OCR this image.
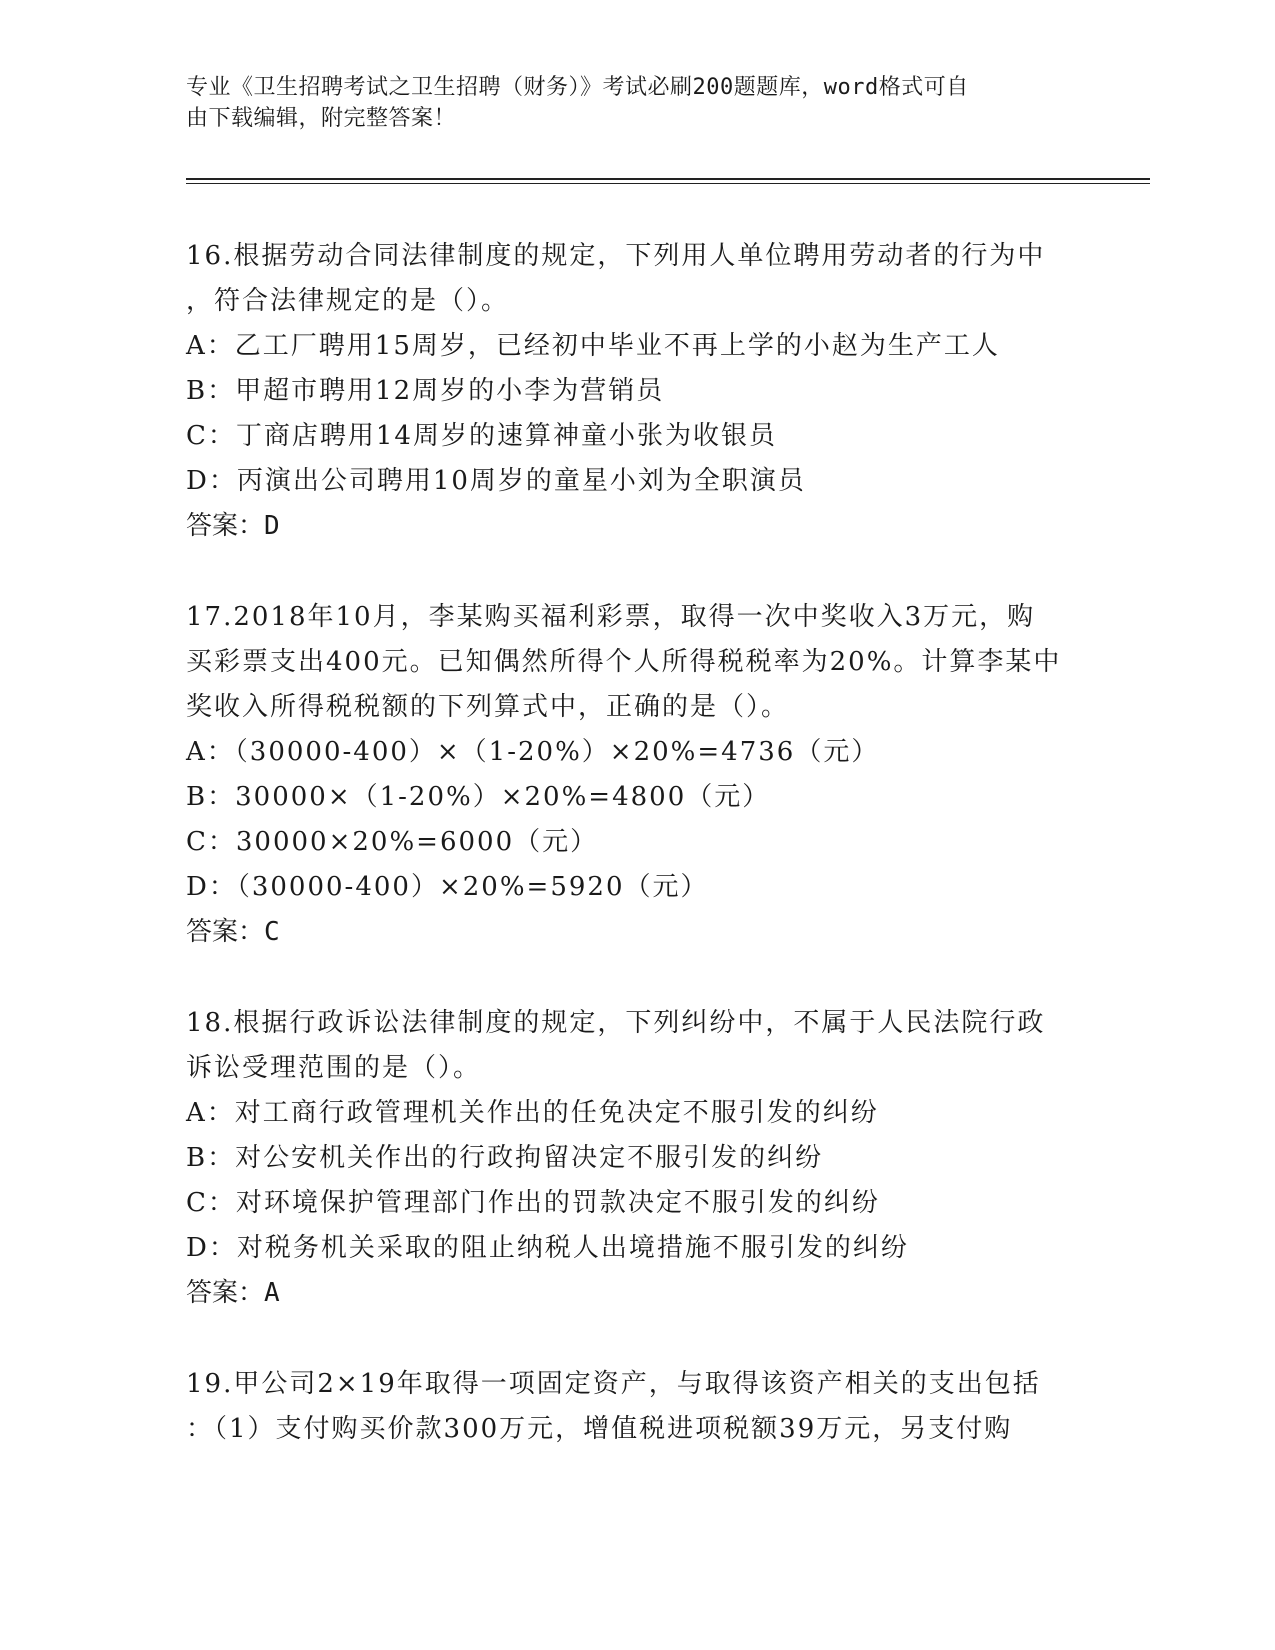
专业《卫生招聘考试之卫生招聘（财务）》考试必刷200题题库，word格式可自
由下载编辑，附完整答案！

16.根据劳动合同法律制度的规定，下列用人单位聘用劳动者的行为中

，符合法律规定的是（）。

A：乙工厂聘用15周岁，已经初中毕业不再上学的小赵为生产工人

B：甲超市聘用12周岁的小李为营销员

C：丁商店聘用14周岁的速算神童小张为收银员

D：丙演出公司聘用10周岁的童星小刘为全职演员

答案：D

17.2018年10月，李某购买福利彩票，取得一次中奖收入3万元，购

买彩票支出400元。已知偶然所得个人所得税税率为20%。计算李某中

奖收入所得税税额的下列算式中，正确的是（）。

A：（30000-400）×（1-20%）×20%=4736（元）

B：30000×（1-20%）×20%=4800（元）

C：30000×20%=6000（元）

D：（30000-400）×20%=5920（元）

答案：C

18.根据行政诉讼法律制度的规定，下列纠纷中，不属于人民法院行政

诉讼受理范围的是（）。

A：对工商行政管理机关作出的任免决定不服引发的纠纷

B：对公安机关作出的行政拘留决定不服引发的纠纷

C：对环境保护管理部门作出的罚款决定不服引发的纠纷

D：对税务机关采取的阻止纳税人出境措施不服引发的纠纷

答案：A

19.甲公司2×19年取得一项固定资产，与取得该资产相关的支出包括

：（1）支付购买价款300万元，增值税进项税额39万元，另支付购
